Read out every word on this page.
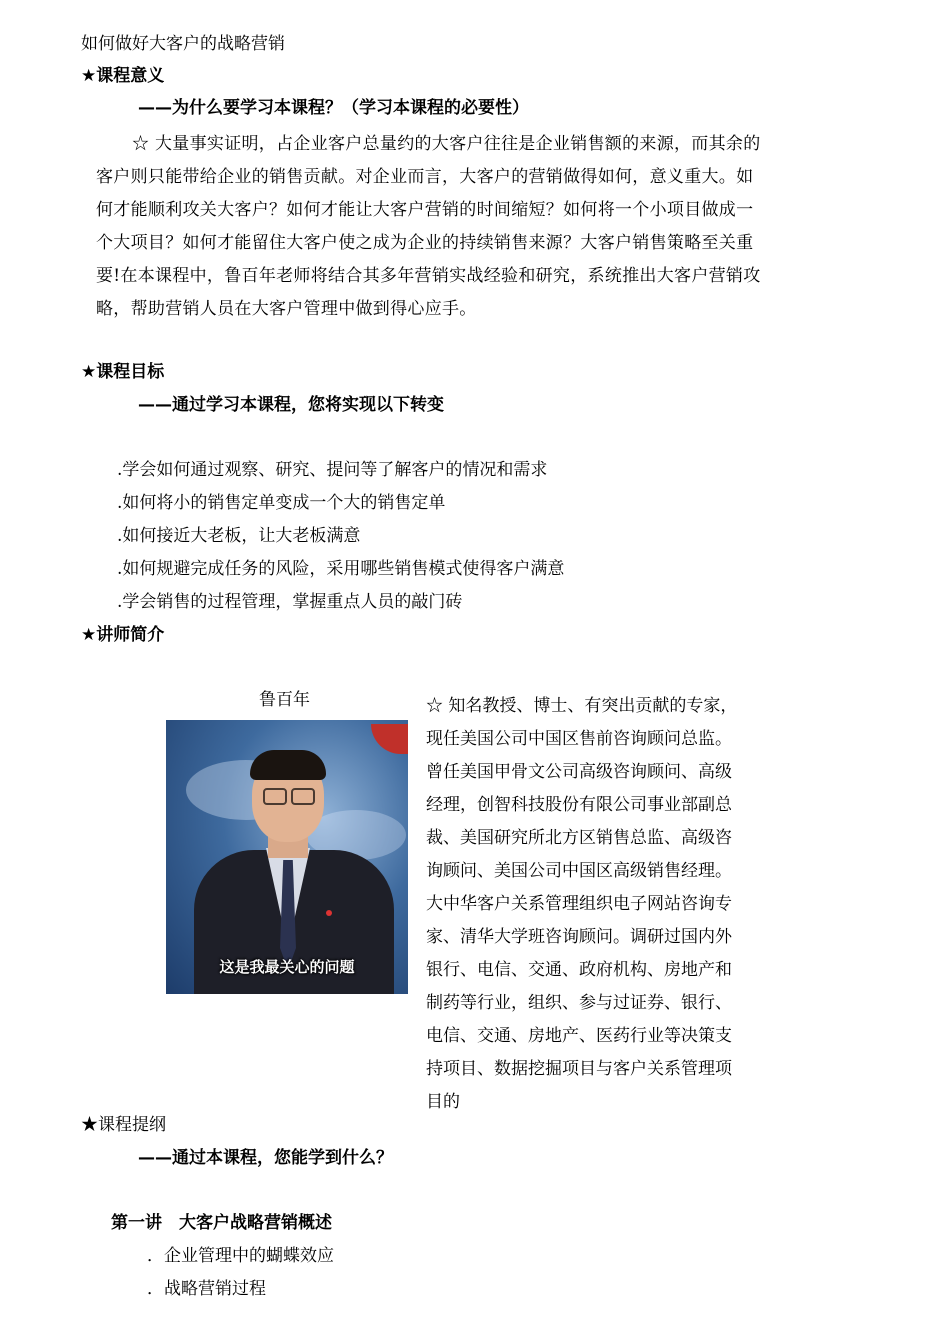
如何做好大客户的战略营销
★课程意义
——为什么要学习本课程？（学习本课程的必要性）
☆ 大量事实证明，占企业客户总量约的大客户往往是企业销售额的来源，而其余的
客户则只能带给企业的销售贡献。对企业而言，大客户的营销做得如何，意义重大。如
何才能顺利攻关大客户？如何才能让大客户营销的时间缩短？如何将一个小项目做成一
个大项目？如何才能留住大客户使之成为企业的持续销售来源？大客户销售策略至关重
要!在本课程中，鲁百年老师将结合其多年营销实战经验和研究，系统推出大客户营销攻
略，帮助营销人员在大客户管理中做到得心应手。
★课程目标
——通过学习本课程，您将实现以下转变
.学会如何通过观察、研究、提问等了解客户的情况和需求
.如何将小的销售定单变成一个大的销售定单
.如何接近大老板，让大老板满意
.如何规避完成任务的风险，采用哪些销售模式使得客户满意
.学会销售的过程管理，掌握重点人员的敲门砖
★讲师简介
鲁百年
这是我最关心的问题
☆ 知名教授、博士、有突出贡献的专家，
现任美国公司中国区售前咨询顾问总监。
曾任美国甲骨文公司高级咨询顾问、高级
经理，创智科技股份有限公司事业部副总
裁、美国研究所北方区销售总监、高级咨
询顾问、美国公司中国区高级销售经理。
大中华客户关系管理组织电子网站咨询专
家、清华大学班咨询顾问。调研过国内外
银行、电信、交通、政府机构、房地产和
制药等行业，组织、参与过证券、银行、
电信、交通、房地产、医药行业等决策支
持项目、数据挖掘项目与客户关系管理项
目的
★课程提纲
——通过本课程，您能学到什么？
第一讲　大客户战略营销概述
．企业管理中的蝴蝶效应
．战略营销过程
